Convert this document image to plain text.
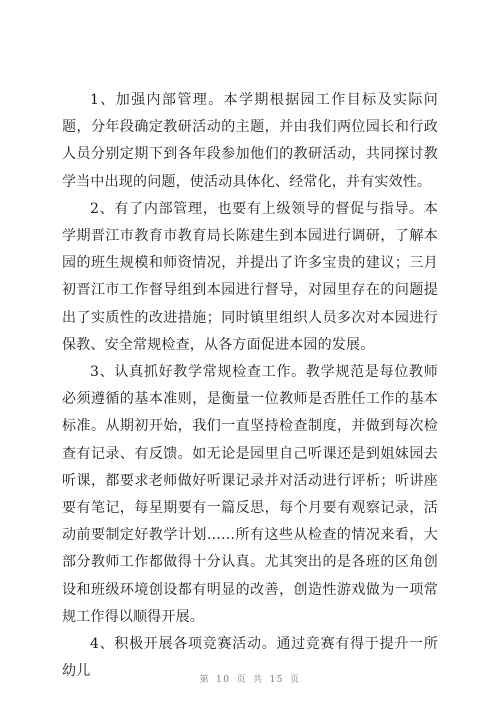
1、加强内部管理。本学期根据园工作目标及实际问题，分年段确定教研活动的主题，并由我们两位园长和行政人员分别定期下到各年段参加他们的教研活动，共同探讨教学当中出现的问题，使活动具体化、经常化，并有实效性。

2、有了内部管理，也要有上级领导的督促与指导。本学期晋江市教育市教育局长陈建生到本园进行调研，了解本园的班生规模和师资情况，并提出了许多宝贵的建议；三月初晋江市工作督导组到本园进行督导，对园里存在的问题提出了实质性的改进措施；同时镇里组织人员多次对本园进行保教、安全常规检查，从各方面促进本园的发展。

3、认真抓好教学常规检查工作。教学规范是每位教师必须遵循的基本准则，是衡量一位教师是否胜任工作的基本标准。从期初开始，我们一直坚持检查制度，并做到每次检查有记录、有反馈。如无论是园里自己听课还是到姐妹园去听课，都要求老师做好听课记录并对活动进行评析；听讲座要有笔记，每星期要有一篇反思，每个月要有观察记录，活动前要制定好教学计划……所有这些从检查的情况来看，大部分教师工作都做得十分认真。尤其突出的是各班的区角创设和班级环境创设都有明显的改善，创造性游戏做为一项常规工作得以顺得开展。

4、积极开展各项竞赛活动。通过竞赛有得于提升一所幼儿

第 10 页 共 15 页
